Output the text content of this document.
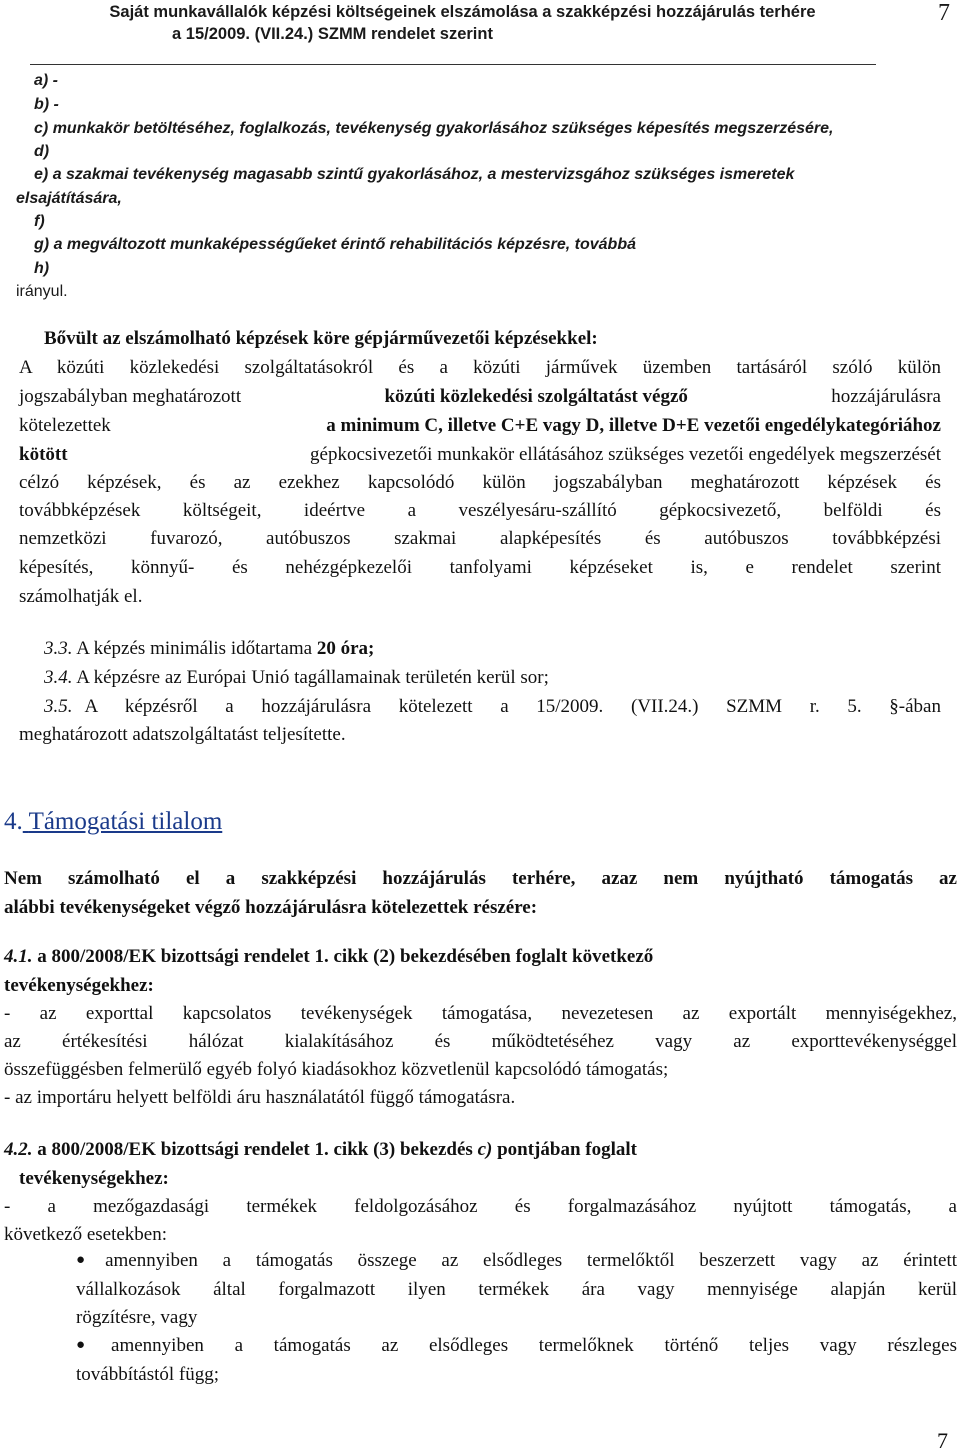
Saját munkavállalók képzési költségeinek elszámolása a szakképzési hozzájárulás terhére
a 15/2009. (VII.24.) SZMM rendelet szerint
7
a) -
b) -
c) munkakör betöltéséhez, foglalkozás, tevékenység gyakorlásához szükséges képesítés megszerzésére,
d)
e) a szakmai tevékenység magasabb szintű gyakorlásához, a mestervizsgához szükséges ismeretek
elsajátítására,
f)
g) a megváltozott munkaképességűeket érintő rehabilitációs képzésre, továbbá
h)
irányul.
Bővült az elszámolható képzések köre gépjárművezetői képzésekkel:
A közúti közlekedési szolgáltatásokról és a közúti járművek üzemben tartásáról szóló külön
jogszabályban meghatározott	közúti közlekedési szolgáltatást végző	hozzájárulásra
kötelezettek	a minimum C, illetve C+E vagy D, illetve D+E vezetői engedélykategóriához
kötött	gépkocsivezetői munkakör ellátásához szükséges vezetői engedélyek megszerzését
célzó képzések, és az ezekhez kapcsolódó külön jogszabályban meghatározott képzések és
továbbképzések költségeit, ideértve a veszélyesáru-szállító gépkocsivezető, belföldi és
nemzetközi fuvarozó, autóbuszos szakmai alapképesítés és autóbuszos továbbképzési
képesítés, könnyű- és nehézgépkezelői tanfolyami képzéseket is, e rendelet szerint
számolhatják el.
3.3. A képzés minimális időtartama 20 óra;
3.4. A képzésre az Európai Unió tagállamainak területén kerül sor;
3.5. A képzésről a hozzájárulásra kötelezett a 15/2009. (VII.24.) SZMM r. 5. §-ában
meghatározott adatszolgáltatást teljesítette.
4. Támogatási tilalom
Nem számolható el a szakképzési hozzájárulás terhére, azaz nem nyújtható támogatás az
alábbi tevékenységeket végző hozzájárulásra kötelezettek részére:
4.1. a 800/2008/EK bizottsági rendelet 1. cikk (2) bekezdésében foglalt következő
tevékenységekhez:
- az exporttal kapcsolatos tevékenységek támogatása, nevezetesen az exportált mennyiségekhez,
az értékesítési hálózat kialakításához és működtetéséhez vagy az exporttevékenységgel
összefüggésben felmerülő egyéb folyó kiadásokhoz közvetlenül kapcsolódó támogatás;
- az importáru helyett belföldi áru használatától függő támogatásra.
4.2. a 800/2008/EK bizottsági rendelet 1. cikk (3) bekezdés c) pontjában foglalt
tevékenységekhez:
- a mezőgazdasági termékek feldolgozásához és forgalmazásához nyújtott támogatás, a
következő esetekben:
●amennyiben a támogatás összege az elsődleges termelőktől beszerzett vagy az érintett
vállalkozások által forgalmazott ilyen termékek ára vagy mennyisége alapján kerül
rögzítésre, vagy
●amennyiben a támogatás az elsődleges termelőknek történő teljes vagy részleges
továbbítástól függ;
7
